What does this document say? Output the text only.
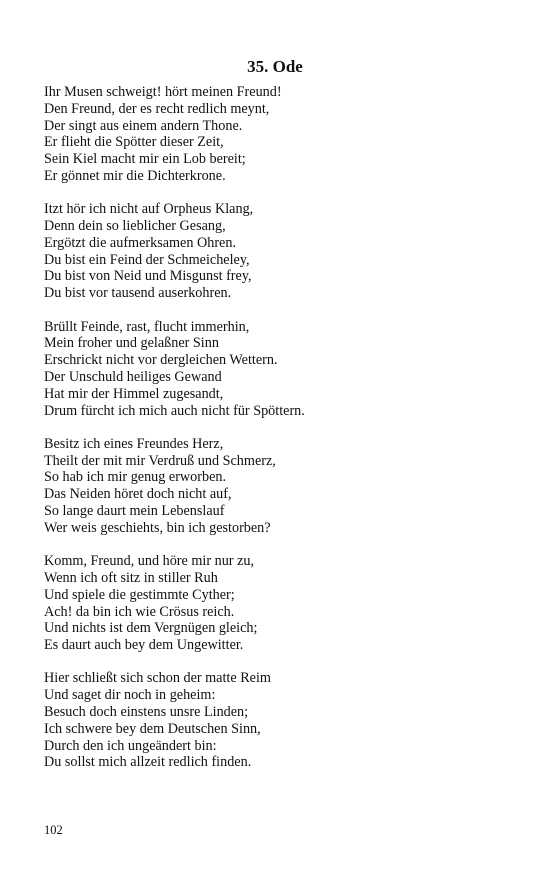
35. Ode
Ihr Musen schweigt! hört meinen Freund!
Den Freund, der es recht redlich meynt,
Der singt aus einem andern Thone.
Er flieht die Spötter dieser Zeit,
Sein Kiel macht mir ein Lob bereit;
Er gönnet mir die Dichterkrone.
Itzt hör ich nicht auf Orpheus Klang,
Denn dein so lieblicher Gesang,
Ergötzt die aufmerksamen Ohren.
Du bist ein Feind der Schmeicheley,
Du bist von Neid und Misgunst frey,
Du bist vor tausend auserkohren.
Brüllt Feinde, rast, flucht immerhin,
Mein froher und gelaßner Sinn
Erschrickt nicht vor dergleichen Wettern.
Der Unschuld heiliges Gewand
Hat mir der Himmel zugesandt,
Drum fürcht ich mich auch nicht für Spöttern.
Besitz ich eines Freundes Herz,
Theilt der mit mir Verdruß und Schmerz,
So hab ich mir genug erworben.
Das Neiden höret doch nicht auf,
So lange daurt mein Lebenslauf
Wer weis geschiehts, bin ich gestorben?
Komm, Freund, und höre mir nur zu,
Wenn ich oft sitz in stiller Ruh
Und spiele die gestimmte Cyther;
Ach! da bin ich wie Crösus reich.
Und nichts ist dem Vergnügen gleich;
Es daurt auch bey dem Ungewitter.
Hier schließt sich schon der matte Reim
Und saget dir noch in geheim:
Besuch doch einstens unsre Linden;
Ich schwere bey dem Deutschen Sinn,
Durch den ich ungeändert bin:
Du sollst mich allzeit redlich finden.
102
